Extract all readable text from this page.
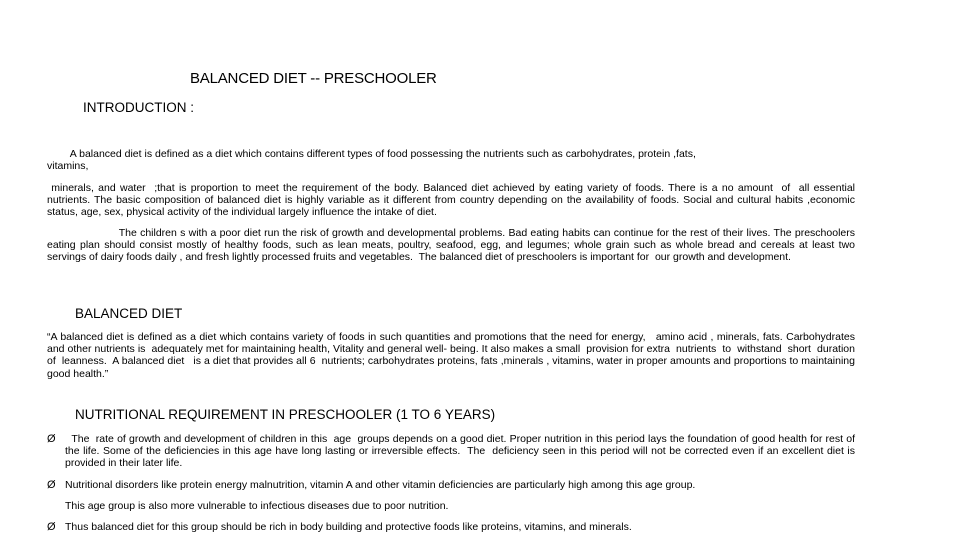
BALANCED DIET -- PRESCHOOLER
INTRODUCTION :
A balanced diet is defined as a diet which contains different types of food possessing the nutrients such as carbohydrates, protein ,fats,
vitamins,
minerals, and water  ;that is proportion to meet the requirement of the body. Balanced diet achieved by eating variety of foods. There is a no amount  of  all essential nutrients. The basic composition of balanced diet is highly variable as it different from country depending on the availability of foods. Social and cultural habits ,economic status, age, sex, physical activity of the individual largely influence the intake of diet.
The children s with a poor diet run the risk of growth and developmental problems. Bad eating habits can continue for the rest of their lives. The preschoolers eating plan should consist mostly of healthy foods, such as lean meats, poultry, seafood, egg, and legumes; whole grain such as whole bread and cereals at least two servings of dairy foods daily , and fresh lightly processed fruits and vegetables.  The balanced diet of preschoolers is important for  our growth and development.
BALANCED DIET
“A balanced diet is defined as a diet which contains variety of foods in such quantities and promotions that the need for energy,   amino acid , minerals, fats. Carbohydrates and other nutrients is  adequately met for maintaining health, Vitality and general well- being. It also makes a small  provision for extra  nutrients  to  withstand  short  duration  of  leanness.  A balanced diet   is a diet that provides all 6  nutrients; carbohydrates proteins, fats ,minerals , vitamins, water in proper amounts and proportions to maintaining good health.”
NUTRITIONAL REQUIREMENT IN PRESCHOOLER (1 TO 6 YEARS)
Ø The  rate of growth and development of children in this  age  groups depends on a good diet. Proper nutrition in this period lays the foundation of good health for rest of the life. Some of the deficiencies in this age have long lasting or irreversible effects.  The  deficiency seen in this period will not be corrected even if an excellent diet is provided in their later life.
Ø Nutritional disorders like protein energy malnutrition, vitamin A and other vitamin deficiencies are particularly high among this age group.
This age group is also more vulnerable to infectious diseases due to poor nutrition.
Ø Thus balanced diet for this group should be rich in body building and protective foods like proteins, vitamins, and minerals.
